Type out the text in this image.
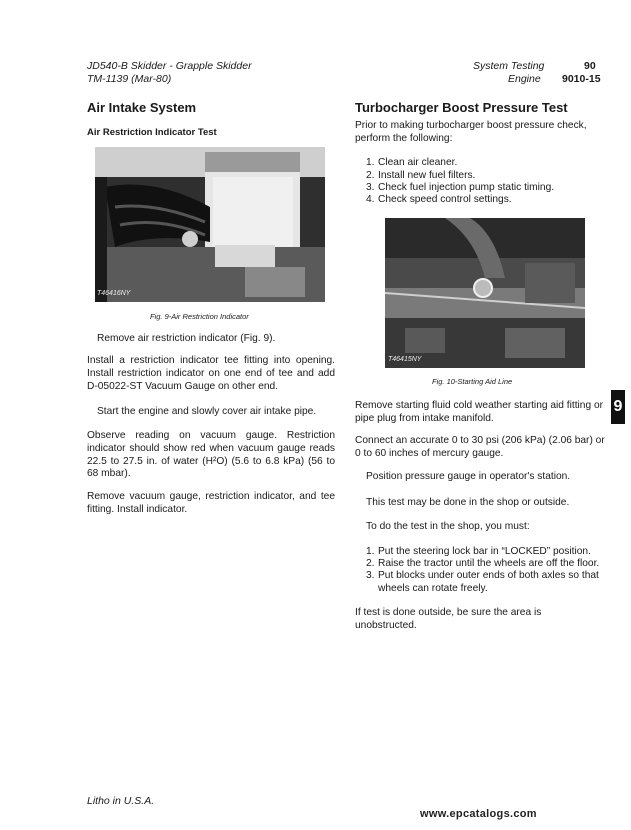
JD540-B Skidder - Grapple Skidder
TM-1139 (Mar-80)
System Testing
Engine
90
9010-15
Air Intake System
Air Restriction Indicator Test
T46416NY
Fig. 9-Air Restriction Indicator
Remove air restriction indicator (Fig. 9).
Install a restriction indicator tee fitting into opening. Install restriction indicator on one end of tee and add D-05022-ST Vacuum Gauge on other end.
Start the engine and slowly cover air intake pipe.
Observe reading on vacuum gauge. Restriction indicator should show red when vacuum gauge reads 22.5 to 27.5 in. of water (H²O) (5.6 to 6.8 kPa) (56 to 68 mbar).
Remove vacuum gauge, restriction indicator, and tee fitting. Install indicator.
Turbocharger Boost Pressure Test
Prior to making turbocharger boost pressure check, perform the following:
1. Clean air cleaner.
2. Install new fuel filters.
3. Check fuel injection pump static timing.
4. Check speed control settings.
T46415NY
Fig. 10-Starting Aid Line
Remove starting fluid cold weather starting aid fitting or pipe plug from intake manifold.
Connect an accurate 0 to 30 psi (206 kPa) (2.06 bar) or 0 to 60 inches of mercury gauge.
Position pressure gauge in operator's station.
This test may be done in the shop or outside.
To do the test in the shop, you must:
1. Put the steering lock bar in “LOCKED” position.
2. Raise the tractor until the wheels are off the floor.
3. Put blocks under outer ends of both axles so that wheels can rotate freely.
If test is done outside, be sure the area is unobstructed.
9
Litho in U.S.A.
www.epcatalogs.com
